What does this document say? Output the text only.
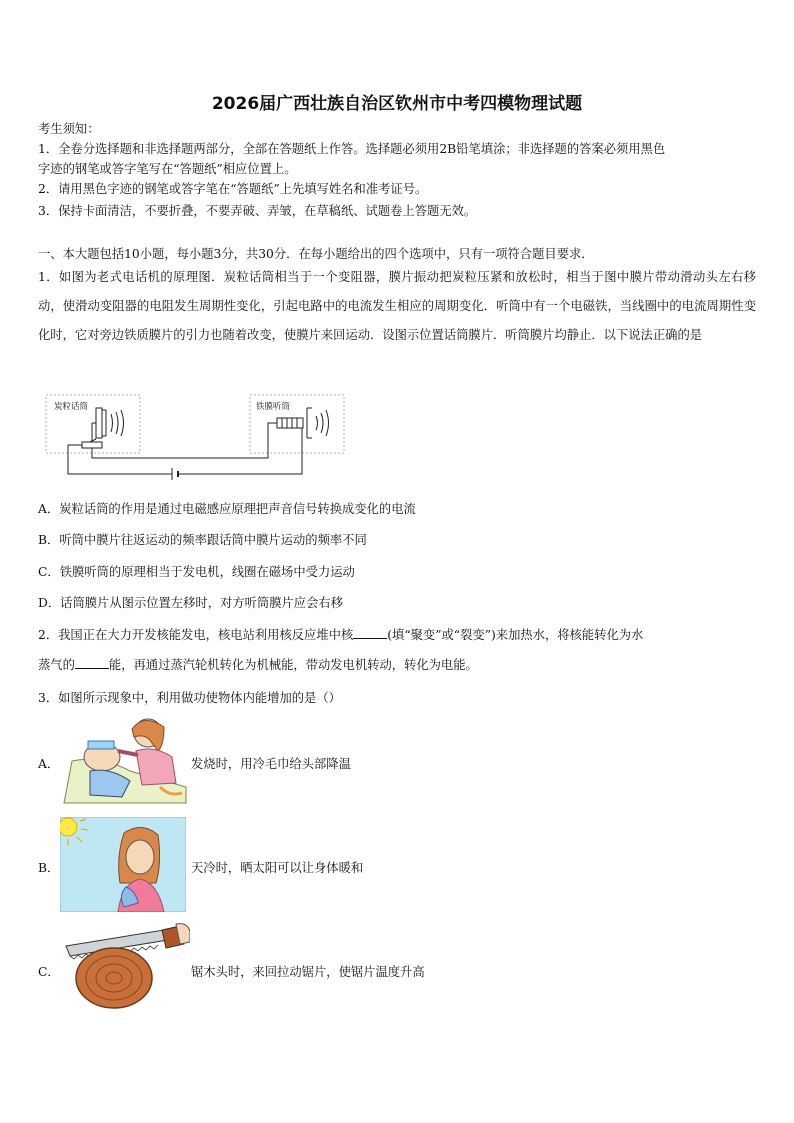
2026届广西壮族自治区钦州市中考四模物理试题
考生须知：
1．全卷分选择题和非选择题两部分，全部在答题纸上作答。选择题必须用2B铅笔填涂；非选择题的答案必须用黑色
字迹的钢笔或答字笔写在“答题纸”相应位置上。
2．请用黑色字迹的钢笔或答字笔在“答题纸”上先填写姓名和准考证号。
3．保持卡面清洁，不要折叠，不要弄破、弄皱，在草稿纸、试题卷上答题无效。
一、本大题包括10小题，每小题3分，共30分．在每小题给出的四个选项中，只有一项符合题目要求．
1．如图为老式电话机的原理图．炭粒话筒相当于一个变阻器，膜片振动把炭粒压紧和放松时，相当于图中膜片带动滑动头左右移动，使滑动变阻器的电阻发生周期性变化，引起电路中的电流发生相应的周期变化．听筒中有一个电磁铁，当线圈中的电流周期性变化时，它对旁边铁质膜片的引力也随着改变，使膜片来回运动．设图示位置话筒膜片．听筒膜片均静止．以下说法正确的是
炭粒话筒	铁膜听筒
A．炭粒话筒的作用是通过电磁感应原理把声音信号转换成变化的电流
B．听筒中膜片往返运动的频率跟话筒中膜片运动的频率不同
C．铁膜听筒的原理相当于发电机，线圈在磁场中受力运动
D．话筒膜片从图示位置左移时，对方听筒膜片应会右移
2．我国正在大力开发核能发电，核电站利用核反应堆中核	(填“聚变”或“裂变”)来加热水，将核能转化为水
蒸气的	能，再通过蒸汽轮机转化为机械能，带动发电机转动，转化为电能。
3．如图所示现象中，利用做功使物体内能增加的是（）
A．	发烧时，用冷毛巾给头部降温
B．	天冷时，晒太阳可以让身体暖和
C．	锯木头时，来回拉动锯片，使锯片温度升高
